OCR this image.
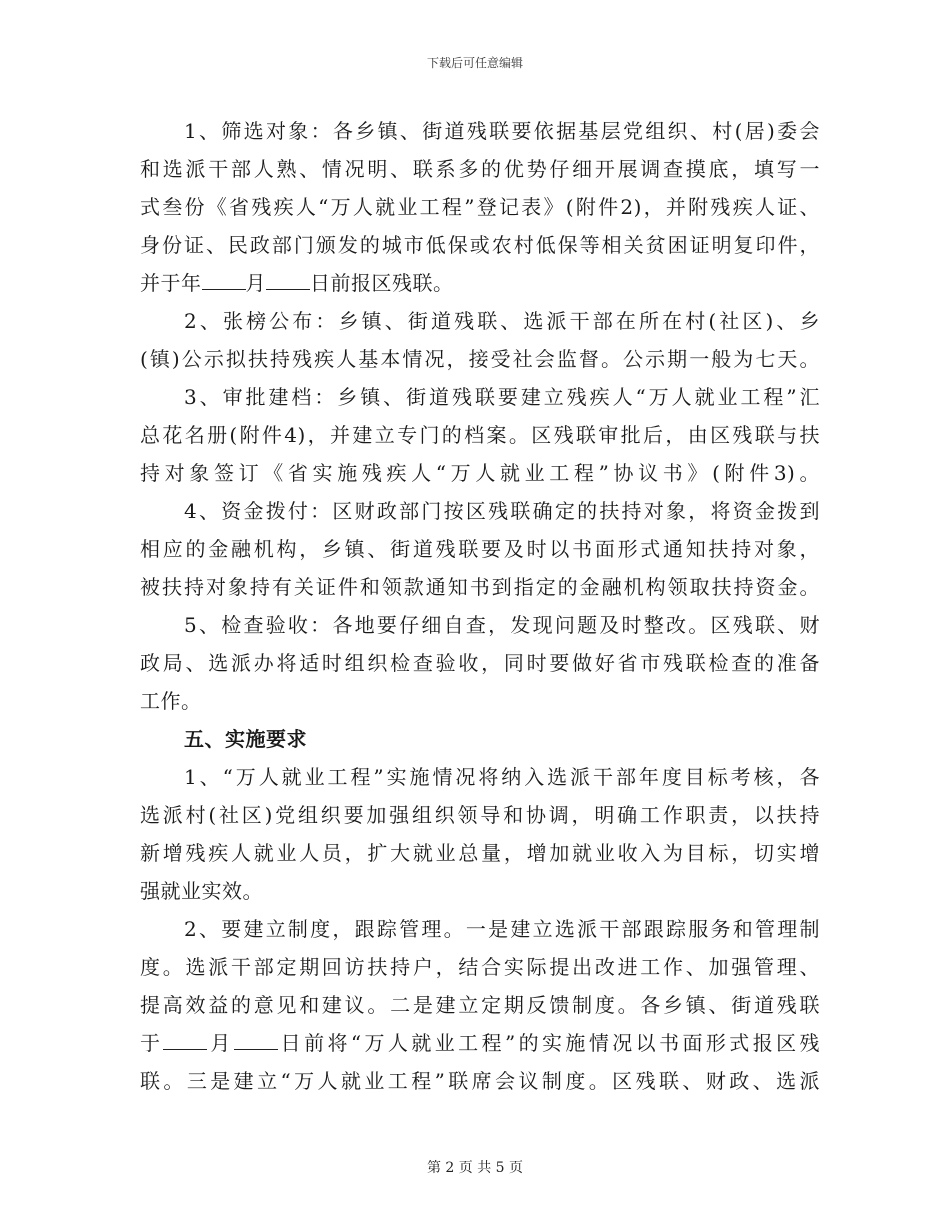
下载后可任意编辑
1、筛选对象：各乡镇、街道残联要依据基层党组织、村(居)委会
和选派干部人熟、情况明、联系多的优势仔细开展调查摸底，填写一
式叁份《省残疾人“万人就业工程”登记表》(附件2)，并附残疾人证、
身份证、民政部门颁发的城市低保或农村低保等相关贫困证明复印件，
并于年 月 日前报区残联。
2、张榜公布：乡镇、街道残联、选派干部在所在村(社区)、乡
(镇)公示拟扶持残疾人基本情况，接受社会监督。公示期一般为七天。
3、审批建档：乡镇、街道残联要建立残疾人“万人就业工程”汇
总花名册(附件4)，并建立专门的档案。区残联审批后，由区残联与扶
持对象签订《省实施残疾人“万人就业工程”协议书》(附件3)。
4、资金拨付：区财政部门按区残联确定的扶持对象，将资金拨到
相应的金融机构，乡镇、街道残联要及时以书面形式通知扶持对象，
被扶持对象持有关证件和领款通知书到指定的金融机构领取扶持资金。
5、检查验收：各地要仔细自查，发现问题及时整改。区残联、财
政局、选派办将适时组织检查验收，同时要做好省市残联检查的准备
工作。
五、实施要求
1、“万人就业工程”实施情况将纳入选派干部年度目标考核，各
选派村(社区)党组织要加强组织领导和协调，明确工作职责，以扶持
新增残疾人就业人员，扩大就业总量，增加就业收入为目标，切实增
强就业实效。
2、要建立制度，跟踪管理。一是建立选派干部跟踪服务和管理制
度。选派干部定期回访扶持户，结合实际提出改进工作、加强管理、
提高效益的意见和建议。二是建立定期反馈制度。各乡镇、街道残联
于 月 日前将“万人就业工程”的实施情况以书面形式报区残
联。三是建立“万人就业工程”联席会议制度。区残联、财政、选派
第 2 页 共 5 页
